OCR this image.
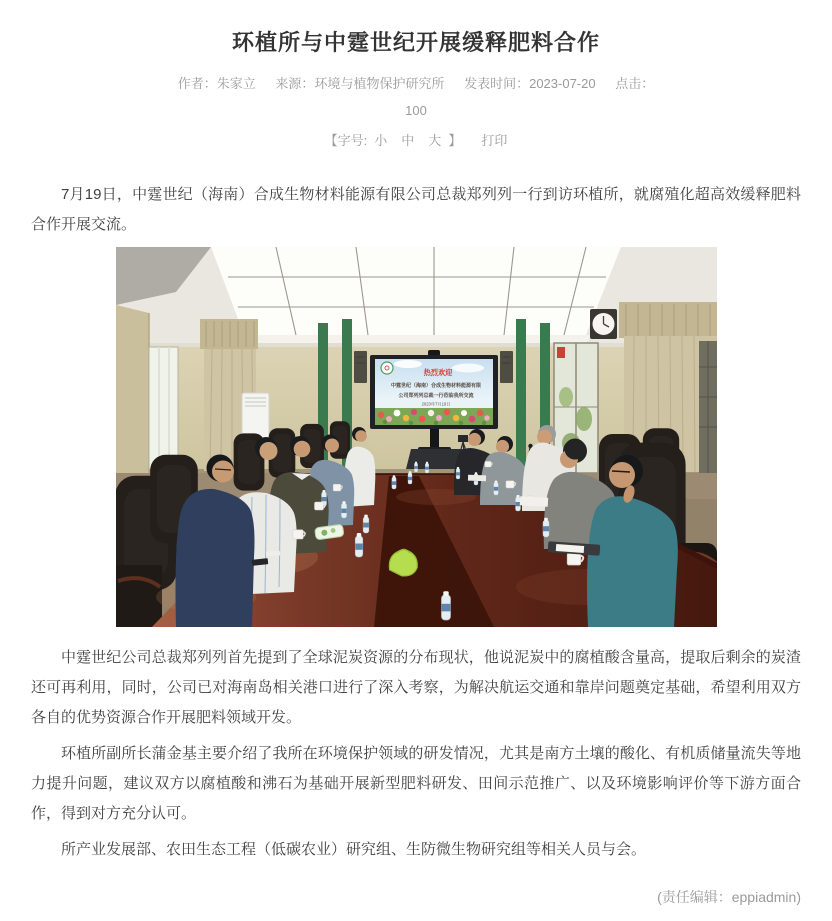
环植所与中霆世纪开展缓释肥料合作
作者：朱家立 来源：环境与植物保护研究所 发表时间：2023-07-20 点击：
100
【字号: 小 中 大 】 打印

7月19日，中霆世纪（海南）合成生物材料能源有限公司总裁郑列列一行到访环植所，就腐殖化超高效缓释肥料合作开展交流。

热烈欢迎
中霆世纪（海南）合成生物材料能源有限
公司郑列列总裁一行莅临我所交流
2023年7月19日

中霆世纪公司总裁郑列列首先提到了全球泥炭资源的分布现状，他说泥炭中的腐植酸含量高，提取后剩余的炭渣还可再利用，同时，公司已对海南岛相关港口进行了深入考察，为解决航运交通和靠岸问题奠定基础，希望利用双方各自的优势资源合作开展肥料领域开发。

环植所副所长蒲金基主要介绍了我所在环境保护领域的研发情况，尤其是南方土壤的酸化、有机质储量流失等地力提升问题，建议双方以腐植酸和沸石为基础开展新型肥料研发、田间示范推广、以及环境影响评价等下游方面合作，得到对方充分认可。

所产业发展部、农田生态工程（低碳农业）研究组、生防微生物研究组等相关人员与会。

(责任编辑：eppiadmin)
